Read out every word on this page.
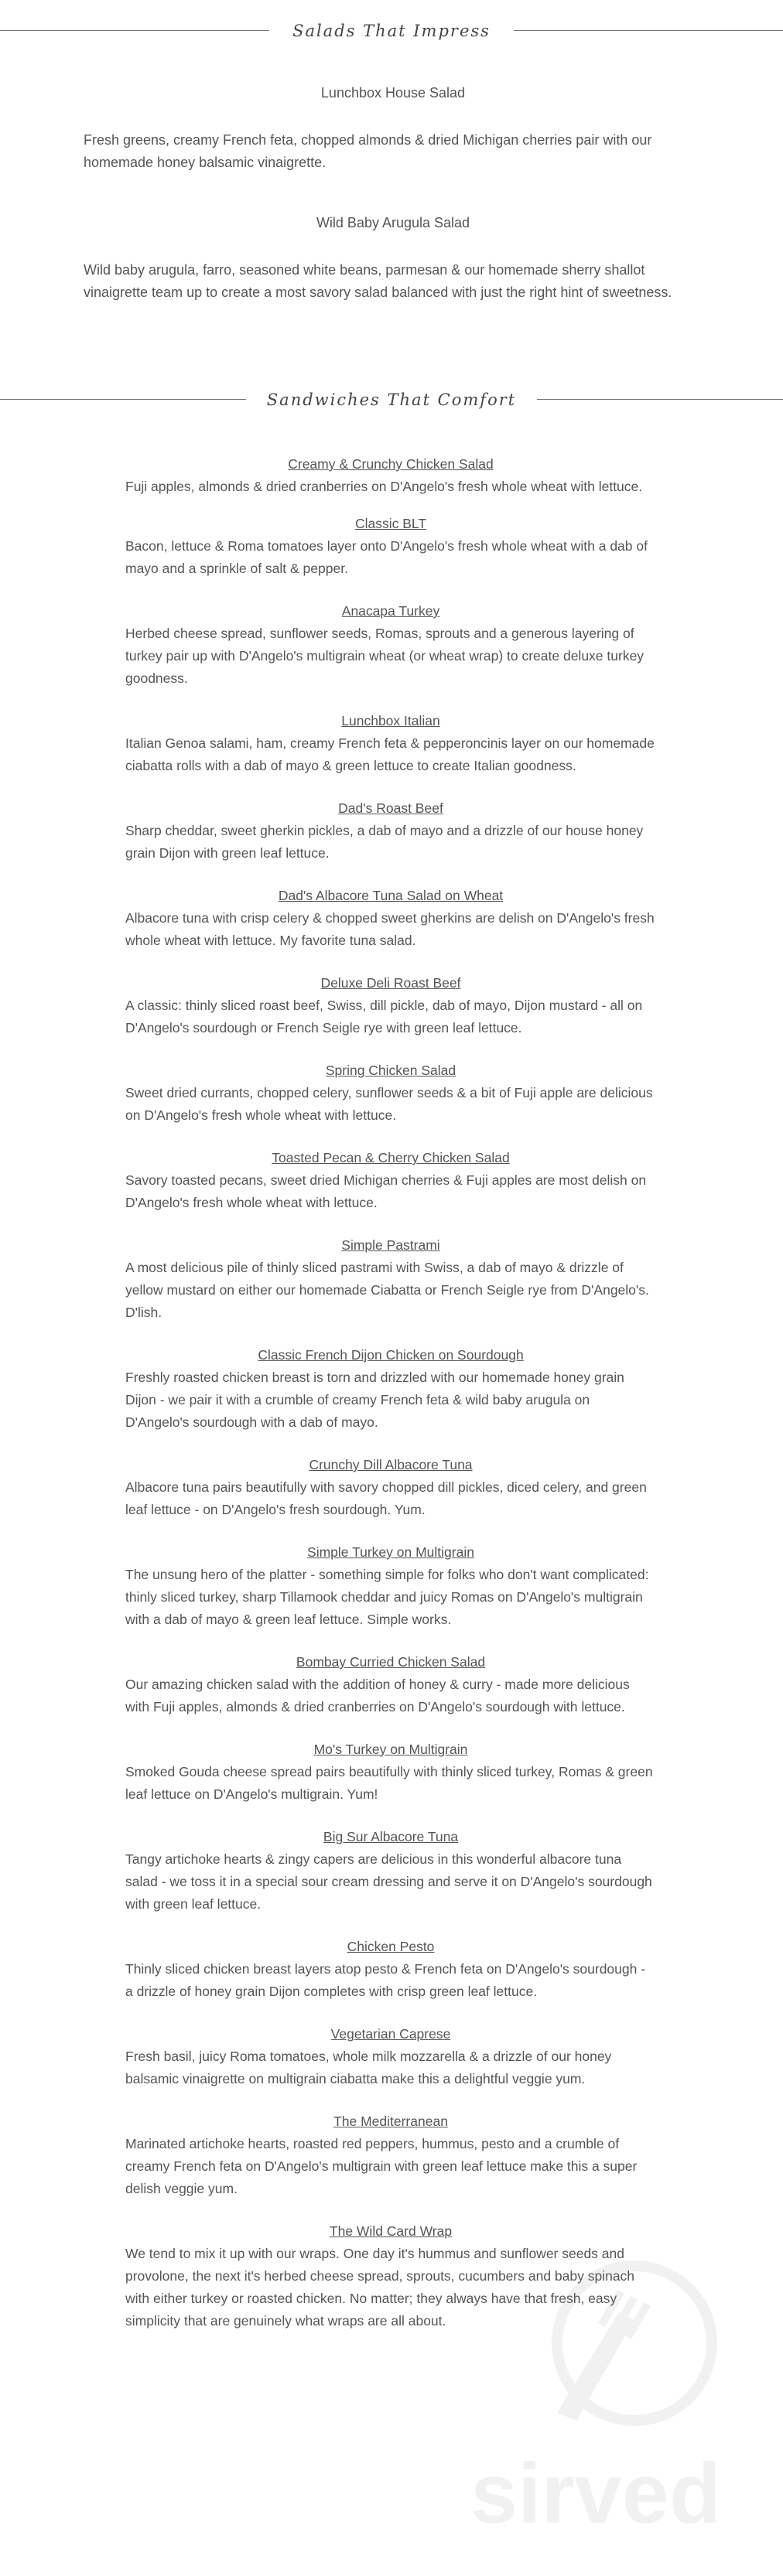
Salads That Impress

Lunchbox House Salad

Fresh greens, creamy French feta, chopped almonds & dried Michigan cherries pair with our homemade honey balsamic vinaigrette.

Wild Baby Arugula Salad

Wild baby arugula, farro, seasoned white beans, parmesan & our homemade sherry shallot vinaigrette team up to create a most savory salad balanced with just the right hint of sweetness.

Sandwiches That Comfort
Creamy & Crunchy Chicken Salad
Fuji apples, almonds & dried cranberries on D'Angelo's fresh whole wheat with lettuce.
Classic BLT
Bacon, lettuce & Roma tomatoes layer onto D'Angelo's fresh whole wheat with a dab of mayo and a sprinkle of salt & pepper.
Anacapa Turkey
Herbed cheese spread, sunflower seeds, Romas, sprouts and a generous layering of turkey pair up with D'Angelo's multigrain wheat (or wheat wrap) to create deluxe turkey goodness.
Lunchbox Italian
Italian Genoa salami, ham, creamy French feta & pepperoncinis layer on our homemade ciabatta rolls with a dab of mayo & green lettuce to create Italian goodness.
Dad's Roast Beef
Sharp cheddar, sweet gherkin pickles, a dab of mayo and a drizzle of our house honey grain Dijon with green leaf lettuce.
Dad's Albacore Tuna Salad on Wheat
Albacore tuna with crisp celery & chopped sweet gherkins are delish on D'Angelo's fresh whole wheat with lettuce. My favorite tuna salad.
Deluxe Deli Roast Beef
A classic: thinly sliced roast beef, Swiss, dill pickle, dab of mayo, Dijon mustard - all on D'Angelo's sourdough or French Seigle rye with green leaf lettuce.
Spring Chicken Salad
Sweet dried currants, chopped celery, sunflower seeds & a bit of Fuji apple are delicious on D'Angelo's fresh whole wheat with lettuce.
Toasted Pecan & Cherry Chicken Salad
Savory toasted pecans, sweet dried Michigan cherries & Fuji apples are most delish on D'Angelo's fresh whole wheat with lettuce.
Simple Pastrami
A most delicious pile of thinly sliced pastrami with Swiss, a dab of mayo & drizzle of yellow mustard on either our homemade Ciabatta or French Seigle rye from D'Angelo's. D'lish.
Classic French Dijon Chicken on Sourdough
Freshly roasted chicken breast is torn and drizzled with our homemade honey grain Dijon - we pair it with a crumble of creamy French feta & wild baby arugula on D'Angelo's sourdough with a dab of mayo.
Crunchy Dill Albacore Tuna
Albacore tuna pairs beautifully with savory chopped dill pickles, diced celery, and green leaf lettuce - on D'Angelo's fresh sourdough. Yum.
Simple Turkey on Multigrain
The unsung hero of the platter - something simple for folks who don't want complicated: thinly sliced turkey, sharp Tillamook cheddar and juicy Romas on D'Angelo's multigrain with a dab of mayo & green leaf lettuce. Simple works.
Bombay Curried Chicken Salad
Our amazing chicken salad with the addition of honey & curry - made more delicious with Fuji apples, almonds & dried cranberries on D'Angelo's sourdough with lettuce.
Mo's Turkey on Multigrain
Smoked Gouda cheese spread pairs beautifully with thinly sliced turkey, Romas & green leaf lettuce on D'Angelo's multigrain. Yum!
Big Sur Albacore Tuna
Tangy artichoke hearts & zingy capers are delicious in this wonderful albacore tuna salad - we toss it in a special sour cream dressing and serve it on D'Angelo's sourdough with green leaf lettuce.
Chicken Pesto
Thinly sliced chicken breast layers atop pesto & French feta on D'Angelo's sourdough - a drizzle of honey grain Dijon completes with crisp green leaf lettuce.
Vegetarian Caprese
Fresh basil, juicy Roma tomatoes, whole milk mozzarella & a drizzle of our honey balsamic vinaigrette on multigrain ciabatta make this a delightful veggie yum.
The Mediterranean
Marinated artichoke hearts, roasted red peppers, hummus, pesto and a crumble of creamy French feta on D'Angelo's multigrain with green leaf lettuce make this a super delish veggie yum.
The Wild Card Wrap
We tend to mix it up with our wraps. One day it's hummus and sunflower seeds and provolone, the next it's herbed cheese spread, sprouts, cucumbers and baby spinach with either turkey or roasted chicken. No matter; they always have that fresh, easy simplicity that are genuinely what wraps are all about.
sirved
